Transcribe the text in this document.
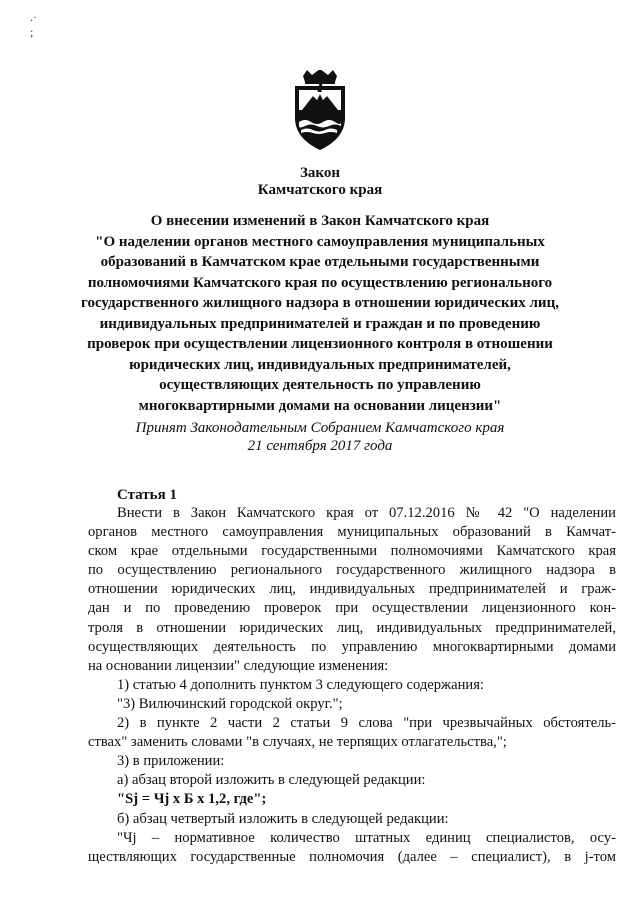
.·
;
Закон
Камчатского края
О внесении изменений в Закон Камчатского края
"О наделении органов местного самоуправления муниципальных
образований в Камчатском крае отдельными государственными
полномочиями Камчатского края по осуществлению регионального
государственного жилищного надзора в отношении юридических лиц,
индивидуальных предпринимателей и граждан и по проведению
проверок при осуществлении лицензионного контроля в отношении
юридических лиц, индивидуальных предпринимателей,
осуществляющих деятельность по управлению
многоквартирными домами на основании лицензии"
Принят Законодательным Собранием Камчатского края
21 сентября 2017 года
Статья 1
Внести в Закон Камчатского края от 07.12.2016 № 42 "О наделении
органов местного самоуправления муниципальных образований в Камчат-
ском крае отдельными государственными полномочиями Камчатского края
по осуществлению регионального государственного жилищного надзора в
отношении юридических лиц, индивидуальных предпринимателей и граж-
дан и по проведению проверок при осуществлении лицензионного кон-
троля в отношении юридических лиц, индивидуальных предпринимателей,
осуществляющих деятельность по управлению многоквартирными домами
на основании лицензии" следующие изменения:
1) статью 4 дополнить пунктом 3 следующего содержания:
"3) Вилючинский городской округ.";
2) в пункте 2 части 2 статьи 9 слова "при чрезвычайных обстоятель-
ствах" заменить словами "в случаях, не терпящих отлагательства,";
3) в приложении:
а) абзац второй изложить в следующей редакции:
"Sj = Чj х Б х 1,2, где";
б) абзац четвертый изложить в следующей редакции:
"Чj – нормативное количество штатных единиц специалистов, осу-
ществляющих государственные полномочия (далее – специалист), в j-том
